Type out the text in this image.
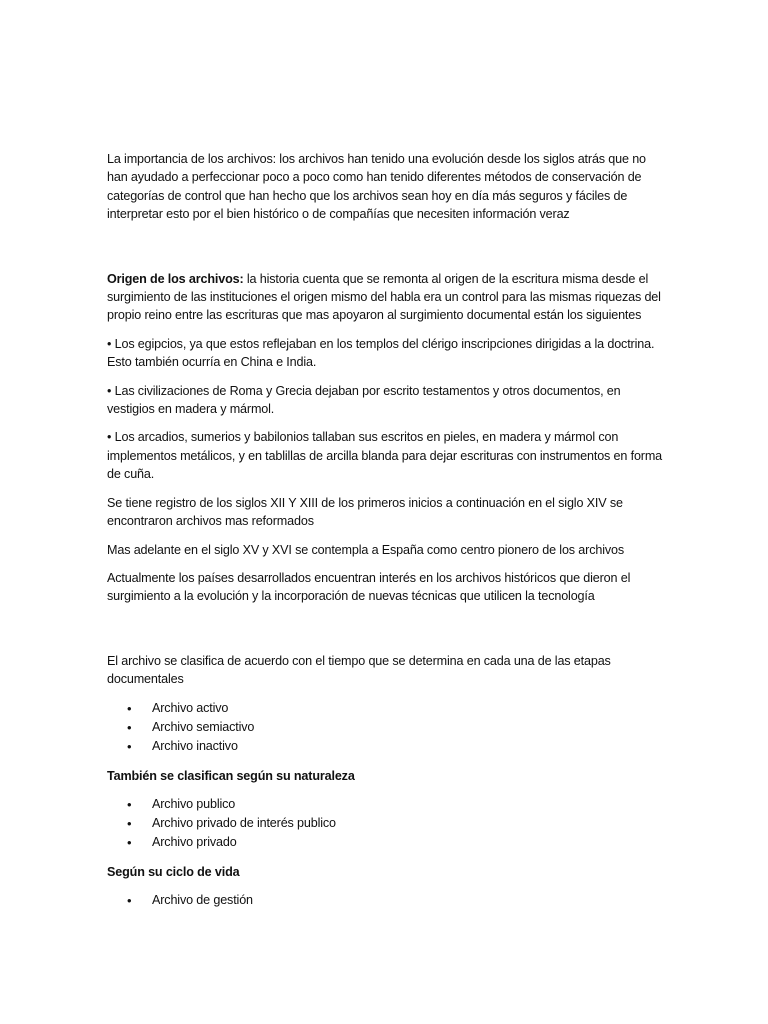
La importancia de los archivos: los archivos han tenido una evolución desde los siglos atrás que no han ayudado a perfeccionar poco a poco como han tenido diferentes métodos de conservación de categorías de control que han hecho que los archivos sean hoy en día más seguros y fáciles de interpretar esto por el bien histórico o de compañías que necesiten información veraz

Origen de los archivos: la historia cuenta que se remonta al origen de la escritura misma desde el surgimiento de las instituciones el origen mismo del habla era un control para las mismas riquezas del propio reino entre las escrituras que mas apoyaron al surgimiento documental están los siguientes

• Los egipcios, ya que estos reflejaban en los templos del clérigo inscripciones dirigidas a la doctrina. Esto también ocurría en China e India.

• Las civilizaciones de Roma y Grecia dejaban por escrito testamentos y otros documentos, en vestigios en madera y mármol.

• Los arcadios, sumerios y babilonios tallaban sus escritos en pieles, en madera y mármol con implementos metálicos, y en tablillas de arcilla blanda para dejar escrituras con instrumentos en forma de cuña.

Se tiene registro de los siglos XII Y XIII de los primeros inicios a continuación en el siglo XIV se encontraron archivos mas reformados

Mas adelante en el siglo XV y XVI se contempla a España como centro pionero de los archivos

Actualmente los países desarrollados encuentran interés en los archivos históricos que dieron el surgimiento a la evolución y la incorporación de nuevas técnicas que utilicen la tecnología

El archivo se clasifica de acuerdo con el tiempo que se determina en cada una de las etapas documentales

• Archivo activo
• Archivo semiactivo
• Archivo inactivo

También se clasifican según su naturaleza

• Archivo publico
• Archivo privado de interés publico
• Archivo privado

Según su ciclo de vida

• Archivo de gestión
